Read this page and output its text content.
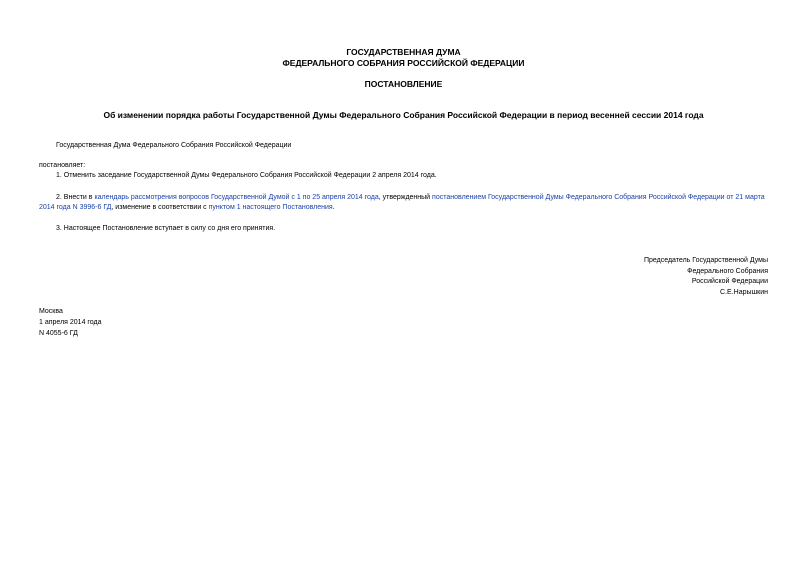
ГОСУДАРСТВЕННАЯ ДУМА
ФЕДЕРАЛЬНОГО СОБРАНИЯ РОССИЙСКОЙ ФЕДЕРАЦИИ
ПОСТАНОВЛЕНИЕ
Об изменении порядка работы Государственной Думы Федерального Собрания Российской Федерации в период весенней сессии 2014 года
Государственная Дума Федерального Собрания Российской Федерации
постановляет:
1. Отменить заседание Государственной Думы Федерального Собрания Российской Федерации 2 апреля 2014 года.
2. Внести в календарь рассмотрения вопросов Государственной Думой с 1 по 25 апреля 2014 года, утвержденный постановлением Государственной Думы Федерального Собрания Российской Федерации от 21 марта 2014 года N 3996-6 ГД, изменение в соответствии с пунктом 1 настоящего Постановления.
3. Настоящее Постановление вступает в силу со дня его принятия.
Председатель Государственной Думы
Федерального Собрания
Российской Федерации
С.Е.Нарышкин
Москва
1 апреля 2014 года
N 4055-6 ГД
